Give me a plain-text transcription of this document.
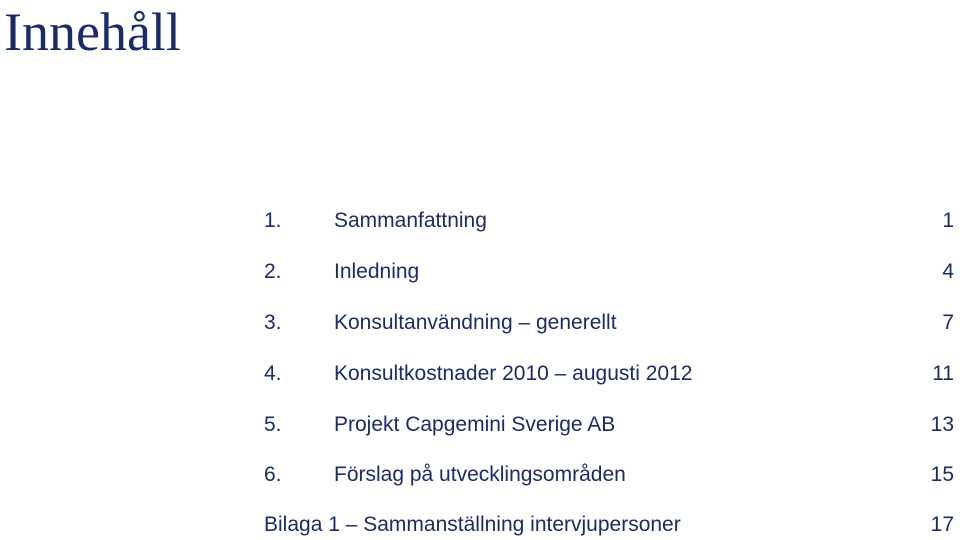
Innehåll
1. Sammanfattning	1
2. Inledning	4
3. Konsultanvändning – generellt	7
4. Konsultkostnader 2010 – augusti 2012	11
5. Projekt Capgemini Sverige AB	13
6. Förslag på utvecklingsområden	15
Bilaga 1 – Sammanställning intervjupersoner	17
